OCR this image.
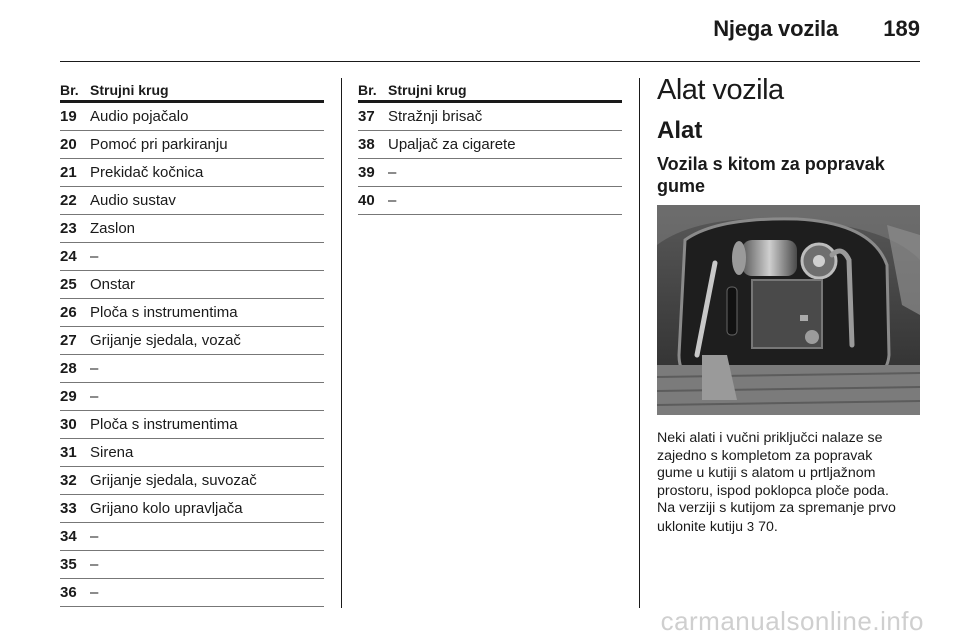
Njega vozila 189
Br. Strujni krug
19 Audio pojačalo
20 Pomoć pri parkiranju
21 Prekidač kočnica
22 Audio sustav
23 Zaslon
24 –
25 Onstar
26 Ploča s instrumentima
27 Grijanje sjedala, vozač
28 –
29 –
30 Ploča s instrumentima
31 Sirena
32 Grijanje sjedala, suvozač
33 Grijano kolo upravljača
34 –
35 –
36 –
Br. Strujni krug
37 Stražnji brisač
38 Upaljač za cigarete
39 –
40 –
Alat vozila
Alat
Vozila s kitom za popravak gume
Neki alati i vučni priključci nalaze se
zajedno s kompletom za popravak
gume u kutiji s alatom u prtljažnom
prostoru, ispod poklopca ploče poda.
Na verziji s kutijom za spremanje prvo
uklonite kutiju 3 70.
carmanualsonline.info
